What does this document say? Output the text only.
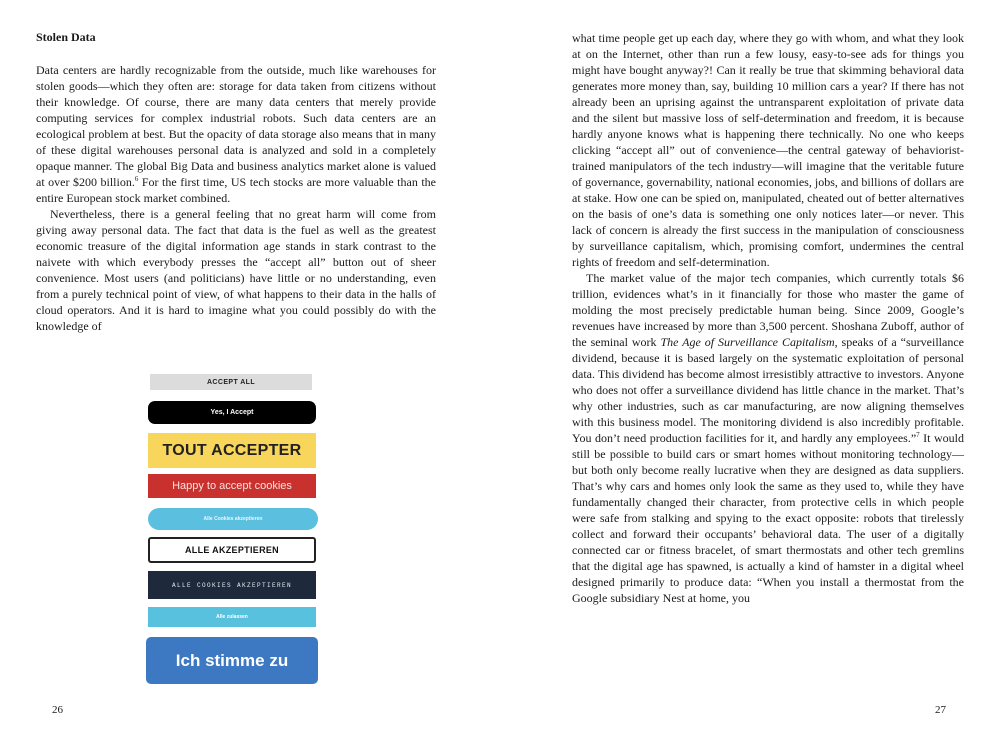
Stolen Data

Data centers are hardly recognizable from the outside, much like warehouses for stolen goods—which they often are: storage for data taken from citizens without their knowledge. Of course, there are many data centers that merely provide computing services for complex industrial robots. Such data centers are an ecological problem at best. But the opacity of data storage also means that in many of these digital warehouses personal data is analyzed and sold in a completely opaque manner. The global Big Data and business analytics market alone is valued at over $200 billion.$^6$ For the first time, US tech stocks are more valuable than the entire European stock market combined.

Nevertheless, there is a general feeling that no great harm will come from giving away personal data. The fact that data is the fuel as well as the greatest economic treasure of the digital information age stands in stark contrast to the naivete with which everybody presses the “accept all” button out of sheer convenience. Most users (and politicians) have little or no understanding, even from a purely technical point of view, of what happens to their data in the halls of cloud operators. And it is hard to imagine what you could possibly do with the knowledge of

ACCEPT ALL
Yes, I Accept
TOUT ACCEPTER
Happy to accept cookies
Alle Cookies akzeptieren
ALLE AKZEPTIEREN
ALLE COOKIES AKZEPTIEREN
Alle zulassen
Ich stimme zu
26

what time people get up each day, where they go with whom, and what they look at on the Internet, other than run a few lousy, easy-to-see ads for things you might have bought anyway?! Can it really be true that skimming behavioral data generates more money than, say, building 10 million cars a year? If there has not already been an uprising against the untransparent exploitation of private data and the silent but massive loss of self-determination and freedom, it is because hardly anyone knows what is happening there technically. No one who keeps clicking “accept all” out of convenience—the central gateway of behaviorist-trained manipulators of the tech industry—will imagine that the veritable future of governance, governability, national economies, jobs, and billions of dollars are at stake. How one can be spied on, manipulated, cheated out of better alternatives on the basis of one’s data is something one only notices later—or never. This lack of concern is already the first success in the manipulation of consciousness by surveillance capitalism, which, promising comfort, undermines the central rights of freedom and self-determination.

The market value of the major tech companies, which currently totals $6 trillion, evidences what’s in it financially for those who master the game of molding the most precisely predictable human being. Since 2009, Google’s revenues have increased by more than 3,500 percent. Shoshana Zuboff, author of the seminal work The Age of Surveillance Capitalism, speaks of a “surveillance dividend, because it is based largely on the systematic exploitation of personal data. This dividend has become almost irresistibly attractive to investors. Anyone who does not offer a surveillance dividend has little chance in the market. That’s why other industries, such as car manufacturing, are now aligning themselves with this business model. The monitoring dividend is also incredibly profitable. You don’t need production facilities for it, and hardly any employees.”$^7$ It would still be possible to build cars or smart homes without monitoring technology—but both only become really lucrative when they are designed as data suppliers. That’s why cars and homes only look the same as they used to, while they have fundamentally changed their character, from protective cells in which people were safe from stalking and spying to the exact opposite: robots that tirelessly collect and forward their occupants’ behavioral data. The user of a digitally connected car or fitness bracelet, of smart thermostats and other tech gremlins that the digital age has spawned, is actually a kind of hamster in a digital wheel designed primarily to produce data: “When you install a thermostat from the Google subsidiary Nest at home, you

27
